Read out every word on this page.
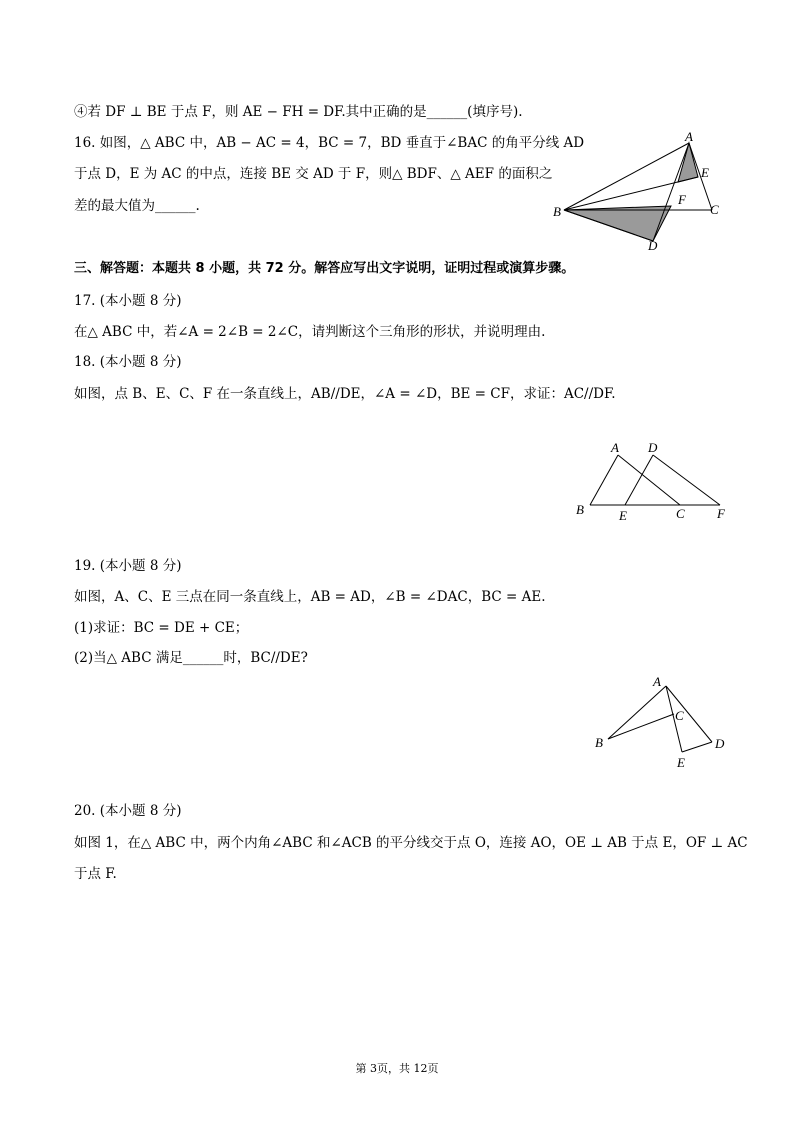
④若 DF ⊥ BE 于点 F，则 AE − FH = DF.其中正确的是______(填序号).
16. 如图，△ ABC 中，AB − AC = 4，BC = 7，BD 垂直于∠BAC 的角平分线 AD
于点 D，E 为 AC 的中点，连接 BE 交 AD 于 F，则△ BDF、△ AEF 的面积之
差的最大值为______.
A
E
B
F
C
D
三、解答题：本题共 8 小题，共 72 分。解答应写出文字说明，证明过程或演算步骤。
17. (本小题 8 分)
在△ ABC 中，若∠A = 2∠B = 2∠C，请判断这个三角形的形状，并说明理由.
18. (本小题 8 分)
如图，点 B、E、C、F 在一条直线上，AB//DE，∠A = ∠D，BE = CF，求证：AC//DF.
A D
B	E	C F
19. (本小题 8 分)
如图，A、C、E 三点在同一条直线上，AB = AD，∠B = ∠DAC，BC = AE.
(1)求证：BC = DE + CE；
(2)当△ ABC 满足______时，BC//DE?
A
C
B	D
E
20. (本小题 8 分)
如图 1，在△ ABC 中，两个内角∠ABC 和∠ACB 的平分线交于点 O，连接 AO，OE ⊥ AB 于点 E，OF ⊥ AC
于点 F.
第 3页，共 12页
